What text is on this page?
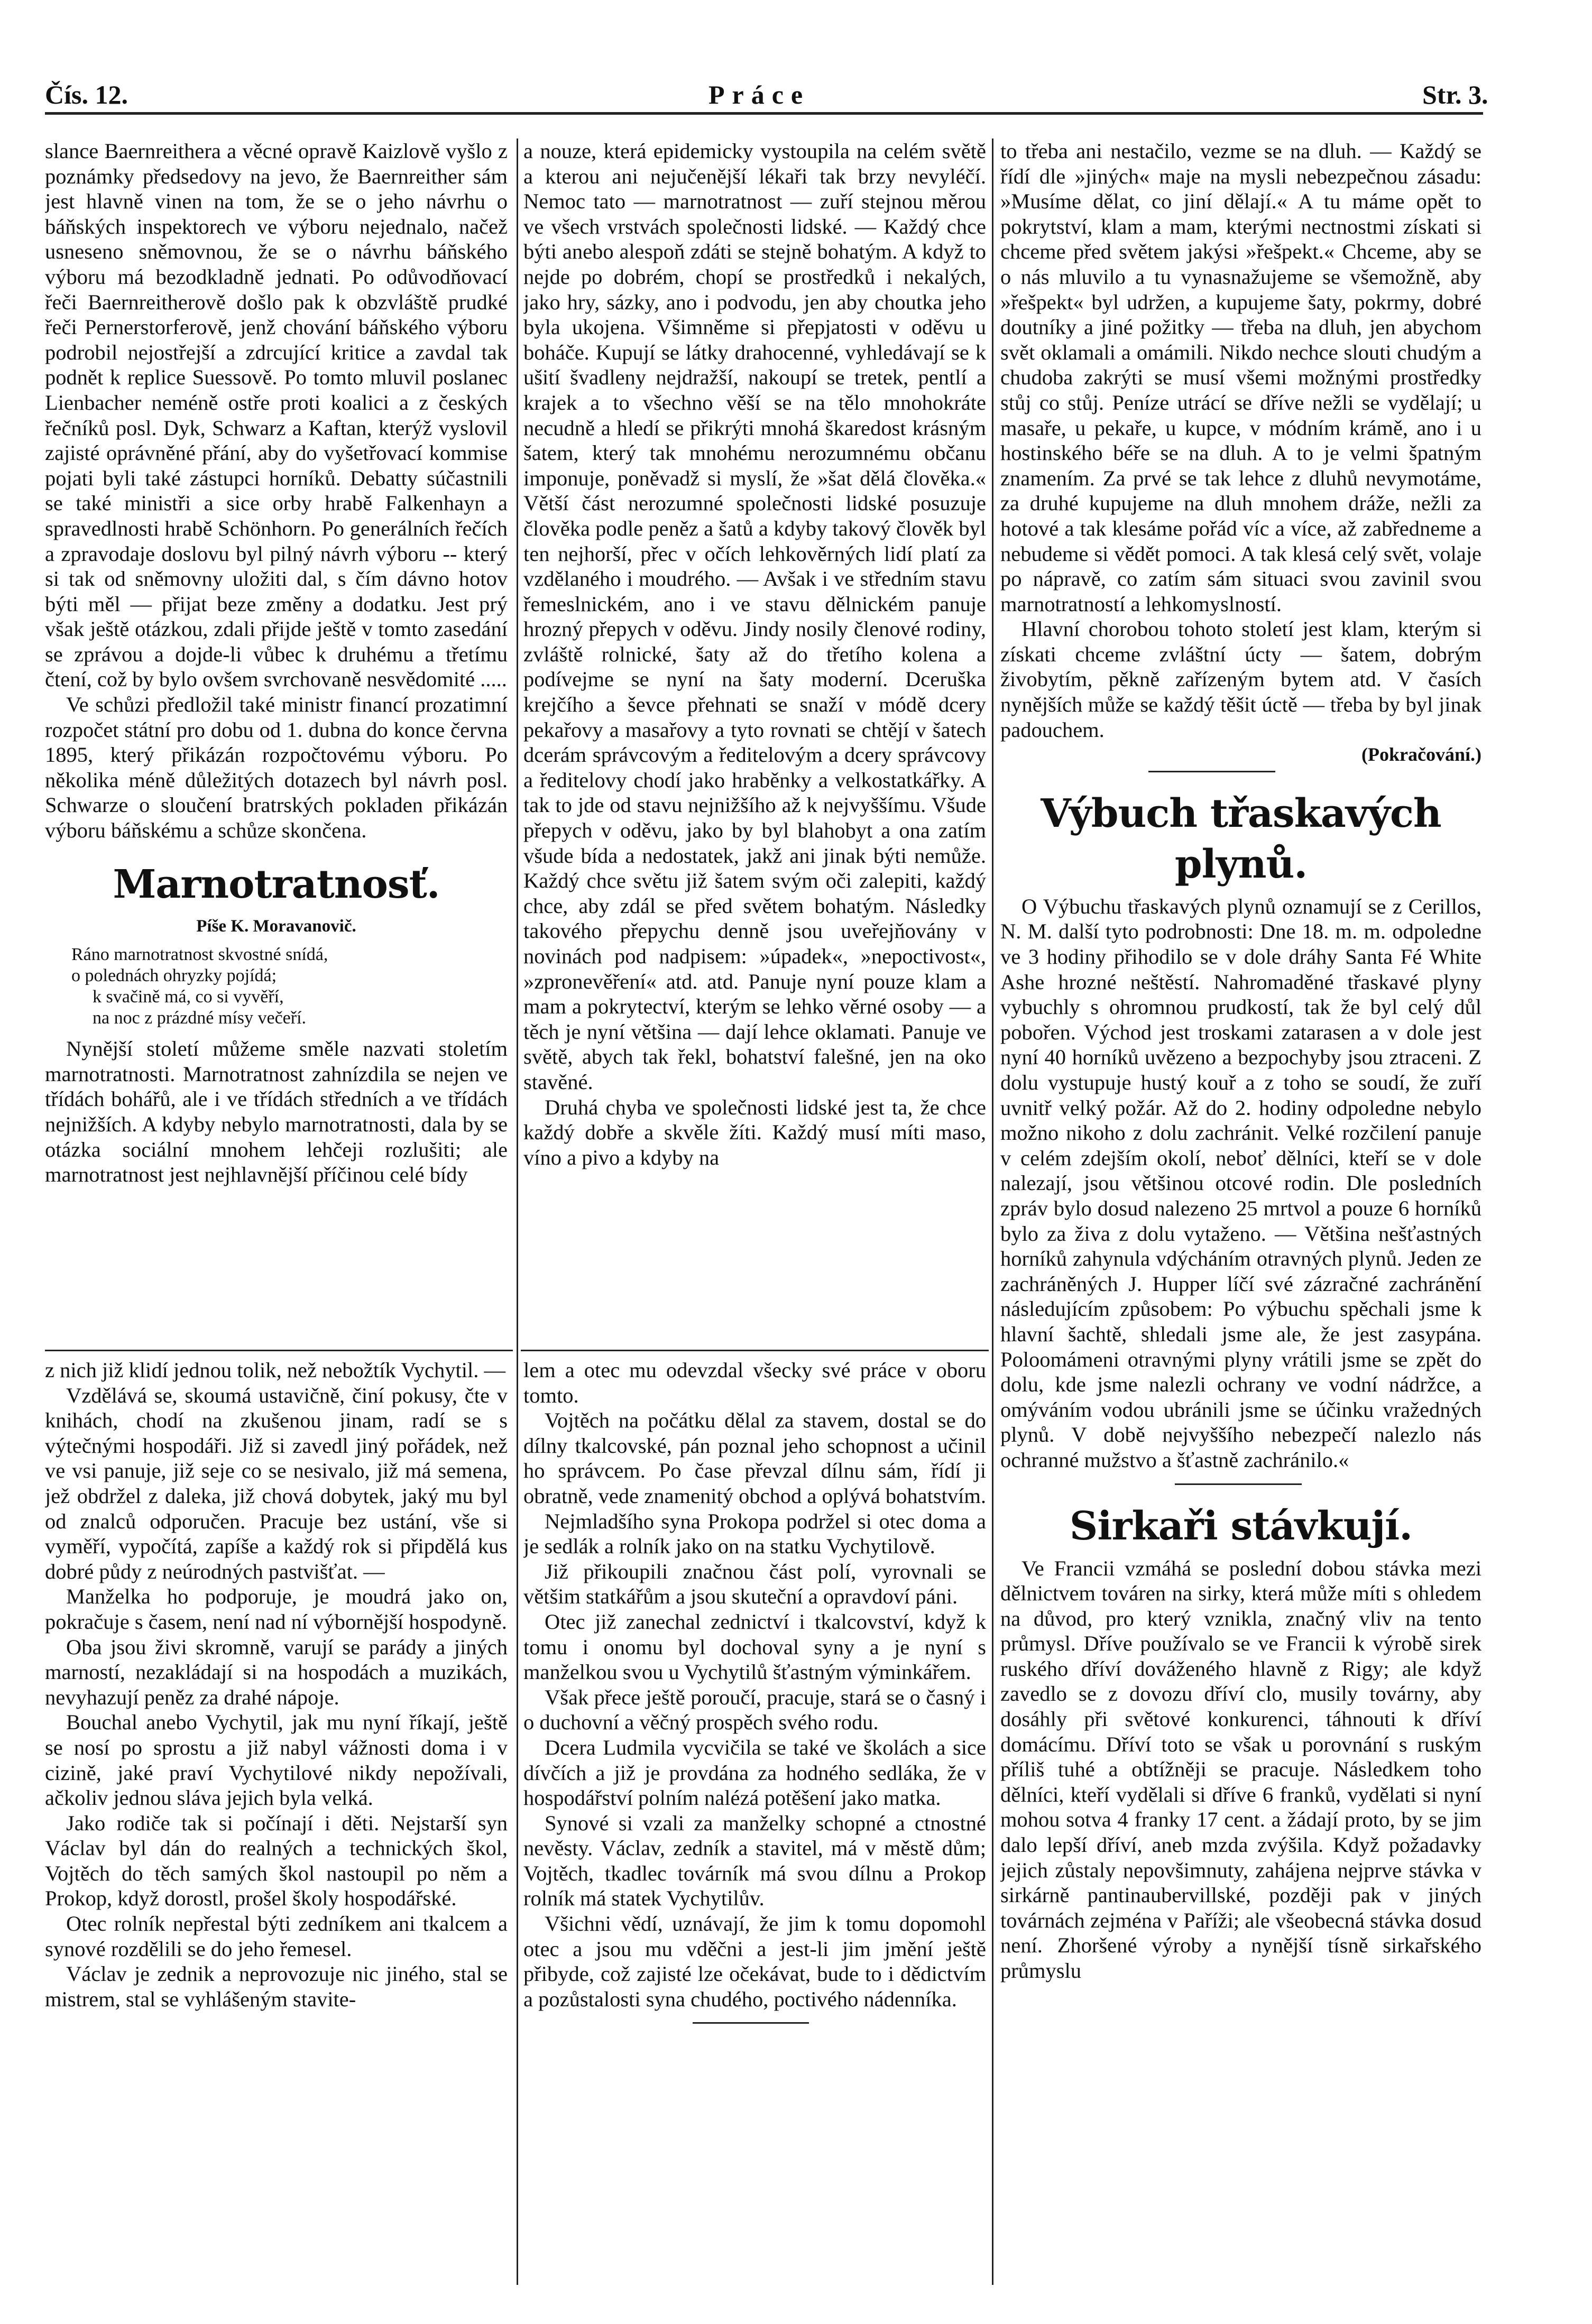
Čís. 12.	Práce	Str. 3.

slance Baernreithera a věcné opravě Kaizlově vyšlo z poznámky předsedovy na jevo, že Baernreither sám jest hlavně vinen na tom, že se o jeho návrhu o báňských inspektorech ve výboru nejednalo, načež usneseno sněmovnou, že se o návrhu báňského výboru má bezodkladně jednati. Po odůvodňovací řeči Baernreitherově došlo pak k obzvláště prudké řeči Pernerstorferově, jenž chování báňského výboru podrobil nejostřejší a zdrcující kritice a zavdal tak podnět k replice Suessově. Po tomto mluvil poslanec Lienbacher neméně ostře proti koalici a z českých řečníků posl. Dyk, Schwarz a Kaftan, kterýž vyslovil zajisté oprávněné přání, aby do vyšetřovací kommise pojati byli také zástupci horníků. Debatty súčastnili se také ministři a sice orby hrabě Falkenhayn a spravedlnosti hrabě Schönhorn. Po generálních řečích a zpravodaje doslovu byl pilný návrh výboru -- který si tak od sněmovny uložiti dal, s čím dávno hotov býti měl — přijat beze změny a dodatku. Jest prý však ještě otázkou, zdali přijde ještě v tomto zasedání se zprávou a dojde-li vůbec k druhému a třetímu čtení, což by bylo ovšem svrchovaně nesvědomité .....

Ve schůzi předložil také ministr financí prozatimní rozpočet státní pro dobu od 1. dubna do konce června 1895, který přikázán rozpočtovému výboru. Po několika méně důležitých dotazech byl návrh posl. Schwarze o sloučení bratrských pokladen přikázán výboru báňskému a schůze skončena.

Marnotratnosť.
Píše K. Moravanovič.
Ráno marnotratnost skvostné snídá,
o polednách ohryzky pojídá;
k svačině má, co si vyvěří,
na noc z prázdné mísy večeří.

Nynější století můžeme směle nazvati stoletím marnotratnosti. Marnotratnost zahnízdila se nejen ve třídách bohářů, ale i ve třídách středních a ve třídách nejnižších. A kdyby nebylo marnotratnosti, dala by se otázka sociální mnohem lehčeji rozlušiti; ale marnotratnost jest nejhlavnější příčinou celé bídy

a nouze, která epidemicky vystoupila na celém světě a kterou ani nejučenější lékaři tak brzy nevyléčí. Nemoc tato — marnotratnost — zuří stejnou měrou ve všech vrstvách společnosti lidské. — Každý chce býti anebo alespoň zdáti se stejně bohatým. A když to nejde po dobrém, chopí se prostředků i nekalých, jako hry, sázky, ano i podvodu, jen aby choutka jeho byla ukojena. Všimněme si přepjatosti v oděvu u boháče. Kupují se látky drahocenné, vyhledávají se k ušití švadleny nejdražší, nakoupí se tretek, pentlí a krajek a to všechno věší se na tělo mnohokráte necudně a hledí se přikrýti mnohá škaredost krásným šatem, který tak mnohému nerozumnému občanu imponuje, poněvadž si myslí, že »šat dělá člověka.« Větší část nerozumné společnosti lidské posuzuje člověka podle peněz a šatů a kdyby takový člověk byl ten nejhorší, přec v očích lehkověrných lidí platí za vzdělaného i moudrého. — Avšak i ve středním stavu řemeslnickém, ano i ve stavu dělnickém panuje hrozný přepych v oděvu. Jindy nosily členové rodiny, zvláště rolnické, šaty až do třetího kolena a podívejme se nyní na šaty moderní. Dceruška krejčího a ševce přehnati se snaží v módě dcery pekařovy a masařovy a tyto rovnati se chtějí v šatech dcerám správcovým a ředitelovým a dcery správcovy a ředitelovy chodí jako hraběnky a velkostatkářky. A tak to jde od stavu nejnižšího až k nejvyššímu. Všude přepych v oděvu, jako by byl blahobyt a ona zatím všude bída a nedostatek, jakž ani jinak býti nemůže. Každý chce světu již šatem svým oči zalepiti, každý chce, aby zdál se před světem bohatým. Následky takového přepychu denně jsou uveřejňovány v novinách pod nadpisem: »úpadek«, »nepoctivost«, »zpronevěření« atd. atd. Panuje nyní pouze klam a mam a pokrytectví, kterým se lehko věrné osoby — a těch je nyní většina — dají lehce oklamati. Panuje ve světě, abych tak řekl, bohatství falešné, jen na oko stavěné.

Druhá chyba ve společnosti lidské jest ta, že chce každý dobře a skvěle žíti. Každý musí míti maso, víno a pivo a kdyby na

to třeba ani nestačilo, vezme se na dluh. — Každý se řídí dle »jiných« maje na mysli nebezpečnou zásadu: »Musíme dělat, co jiní dělají.« A tu máme opět to pokrytství, klam a mam, kterými nectnostmi získati si chceme před světem jakýsi »řešpekt.« Chceme, aby se o nás mluvilo a tu vynasnažujeme se všemožně, aby »řešpekt« byl udržen, a kupujeme šaty, pokrmy, dobré doutníky a jiné požitky — třeba na dluh, jen abychom svět oklamali a omámili. Nikdo nechce slouti chudým a chudoba zakrýti se musí všemi možnými prostředky stůj co stůj. Peníze utrácí se dříve nežli se vydělají; u masaře, u pekaře, u kupce, v módním krámě, ano i u hostinského béře se na dluh. A to je velmi špatným znamením. Za prvé se tak lehce z dluhů nevymotáme, za druhé kupujeme na dluh mnohem dráže, nežli za hotové a tak klesáme pořád víc a více, až zabředneme a nebudeme si vědět pomoci. A tak klesá celý svět, volaje po nápravě, co zatím sám situaci svou zavinil svou marnotratností a lehkomyslností.

Hlavní chorobou tohoto století jest klam, kterým si získati chceme zvláštní úcty — šatem, dobrým živobytím, pěkně zařízeným bytem atd. V časích nynějších může se každý těšit úctě — třeba by byl jinak padouchem.

(Pokračování.)
Výbuch třaskavých plynů.

O Výbuchu třaskavých plynů oznamují se z Cerillos, N. M. další tyto podrobnosti: Dne 18. m. m. odpoledne ve 3 hodiny přihodilo se v dole dráhy Santa Fé White Ashe hrozné neštěstí. Nahromaděné třaskavé plyny vybuchly s ohromnou prudkostí, tak že byl celý důl pobořen. Východ jest troskami zatarasen a v dole jest nyní 40 horníků uvězeno a bezpochyby jsou ztraceni. Z dolu vystupuje hustý kouř a z toho se soudí, že zuří uvnitř velký požár. Až do 2. hodiny odpoledne nebylo možno nikoho z dolu zachránit. Velké rozčilení panuje v celém zdejším okolí, neboť dělníci, kteří se v dole nalezají, jsou většinou otcové rodin. Dle posledních zpráv bylo dosud nalezeno 25 mrtvol a pouze 6 horníků bylo za živa z dolu vytaženo. — Většina nešťastných horníků zahynula vdýcháním otravných plynů. Jeden ze zachráněných J. Hupper líčí své zázračné zachránění následujícím způsobem: Po výbuchu spěchali jsme k hlavní šachtě, shledali jsme ale, že jest zasypána. Poloomámeni otravnými plyny vrátili jsme se zpět do dolu, kde jsme nalezli ochrany ve vodní nádržce, a omýváním vodou ubránili jsme se účinku vražedných plynů. V době nejvyššího nebezpečí nalezlo nás ochranné mužstvo a šťastně zachránilo.«

Sirkaři stávkují.

Ve Francii vzmáhá se poslední dobou stávka mezi dělnictvem továren na sirky, která může míti s ohledem na důvod, pro který vznikla, značný vliv na tento průmysl. Dříve používalo se ve Francii k výrobě sirek ruského dříví dováženého hlavně z Rigy; ale když zavedlo se z dovozu dříví clo, musily továrny, aby dosáhly při světové konkurenci, táhnouti k dříví domácímu. Dříví toto se však u porovnání s ruským příliš tuhé a obtížněji se pracuje. Následkem toho dělníci, kteří vydělali si dříve 6 franků, vydělati si nyní mohou sotva 4 franky 17 cent. a žádají proto, by se jim dalo lepší dříví, aneb mzda zvýšila. Když požadavky jejich zůstaly nepovšimnuty, zahájena nejprve stávka v sirkárně pantinaubervillské, později pak v jiných továrnách zejména v Paříži; ale všeobecná stávka dosud není. Zhoršené výroby a nynější tísně sirkařského průmyslu

z nich již klidí jednou tolik, než nebožtík Vychytil. —

Vzdělává se, skoumá ustavičně, činí pokusy, čte v knihách, chodí na zkušenou jinam, radí se s výtečnými hospodáři. Již si zavedl jiný pořádek, než ve vsi panuje, již seje co se nesivalo, již má semena, jež obdržel z daleka, již chová dobytek, jaký mu byl od znalců odporučen. Pracuje bez ustání, vše si vyměří, vypočítá, zapíše a každý rok si připdělá kus dobré půdy z neúrodných pastvišťat. —

Manželka ho podporuje, je moudrá jako on, pokračuje s časem, není nad ní výbornější hospodyně.

Oba jsou živi skromně, varují se parády a jiných marností, nezakládají si na hospodách a muzikách, nevyhazují peněz za drahé nápoje.

Bouchal anebo Vychytil, jak mu nyní říkají, ještě se nosí po sprostu a již nabyl vážnosti doma i v cizině, jaké praví Vychytilové nikdy nepožívali, ačkoliv jednou sláva jejich byla velká.

Jako rodiče tak si počínají i děti. Nejstarší syn Václav byl dán do realných a technických škol, Vojtěch do těch samých škol nastoupil po něm a Prokop, když dorostl, prošel školy hospodářské.

Otec rolník nepřestal býti zedníkem ani tkalcem a synové rozdělili se do jeho řemesel.

Václav je zednik a neprovozuje nic jiného, stal se mistrem, stal se vyhlášeným stavite-

lem a otec mu odevzdal všecky své práce v oboru tomto.

Vojtěch na počátku dělal za stavem, dostal se do dílny tkalcovské, pán poznal jeho schopnost a učinil ho správcem. Po čase převzal dílnu sám, řídí ji obratně, vede znamenitý obchod a oplývá bohatstvím.

Nejmladšího syna Prokopa podržel si otec doma a je sedlák a rolník jako on na statku Vychytilově.

Již přikoupili značnou část polí, vyrovnali se většim statkářům a jsou skuteční a opravdoví páni.

Otec již zanechal zednictví i tkalcovství, když k tomu i onomu byl dochoval syny a je nyní s manželkou svou u Vychytilů šťastným výminkářem.

Však přece ještě poroučí, pracuje, stará se o časný i o duchovní a věčný prospěch svého rodu.

Dcera Ludmila vycvičila se také ve školách a sice dívčích a již je provdána za hodného sedláka, že v hospodářství polním nalézá potěšení jako matka.

Synové si vzali za manželky schopné a ctnostné nevěsty. Václav, zedník a stavitel, má v městě dům; Vojtěch, tkadlec továrník má svou dílnu a Prokop rolník má statek Vychytilův.

Všichni vědí, uznávají, že jim k tomu dopomohl otec a jsou mu vděčni a jest-li jim jmění ještě přibyde, což zajisté lze očekávat, bude to i dědictvím a pozůstalosti syna chudého, poctivého nádenníka.
